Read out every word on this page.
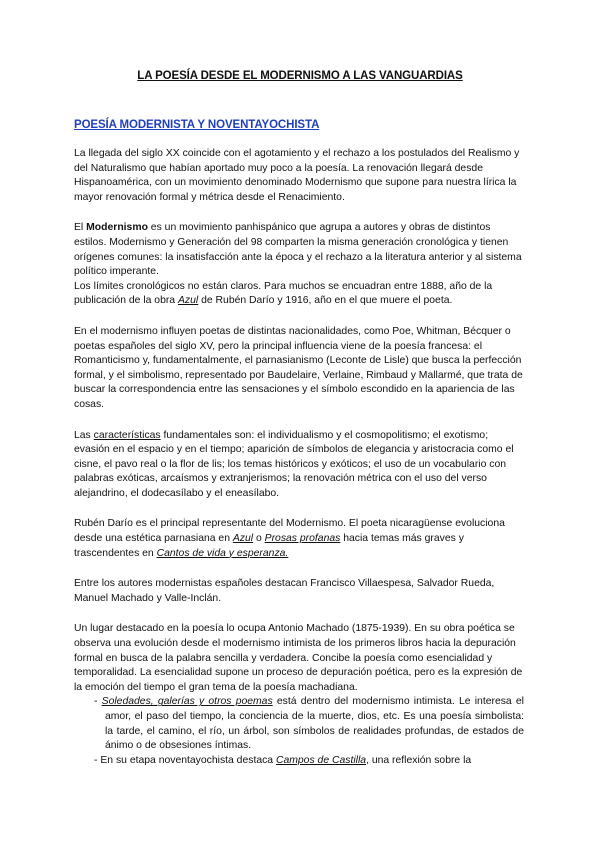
LA POESÍA DESDE EL MODERNISMO A LAS VANGUARDIAS
POESÍA MODERNISTA Y NOVENTAYOCHISTA

La llegada del siglo XX coincide con el agotamiento y el rechazo a los postulados del Realismo y del Naturalismo que habían aportado muy poco a la poesía. La renovación llegará desde Hispanoamérica, con un movimiento denominado Modernismo que supone para nuestra lírica la mayor renovación formal y métrica desde el Renacimiento.

El Modernismo es un movimiento panhispánico que agrupa a autores y obras de distintos estilos. Modernismo y Generación del 98 comparten la misma generación cronológica y tienen orígenes comunes: la insatisfacción ante la época y el rechazo a la literatura anterior y al sistema político imperante.
Los límites cronológicos no están claros. Para muchos se encuadran entre 1888, año de la publicación de la obra Azul de Rubén Darío y 1916, año en el que muere el poeta.

En el modernismo influyen poetas de distintas nacionalidades, como Poe, Whitman, Bécquer o poetas españoles del siglo XV, pero la principal influencia viene de la poesía francesa: el Romanticismo y, fundamentalmente, el parnasianismo (Leconte de Lisle) que busca la perfección formal, y el simbolismo, representado por Baudelaire, Verlaine, Rimbaud y Mallarmé, que trata de buscar la correspondencia entre las sensaciones y el símbolo escondido en la apariencia de las cosas.

Las características fundamentales son: el individualismo y el cosmopolitismo; el exotismo; evasión en el espacio y en el tiempo; aparición de símbolos de elegancia y aristocracia como el cisne, el pavo real o la flor de lis; los temas históricos y exóticos; el uso de un vocabulario con palabras exóticas, arcaísmos y extranjerismos; la renovación métrica con el uso del verso alejandrino, el dodecasílabo y el eneasílabo.

Rubén Darío es el principal representante del Modernismo. El poeta nicaragüense evoluciona desde una estética parnasiana en Azul o Prosas profanas hacia temas más graves y trascendentes en Cantos de vida y esperanza.

Entre los autores modernistas españoles destacan Francisco Villaespesa, Salvador Rueda, Manuel Machado y Valle-Inclán.

Un lugar destacado en la poesía lo ocupa Antonio Machado (1875-1939). En su obra poética se observa una evolución desde el modernismo intimista de los primeros libros hacia la depuración formal en busca de la palabra sencilla y verdadera. Concibe la poesía como esencialidad y temporalidad. La esencialidad supone un proceso de depuración poética, pero es la expresión de la emoción del tiempo el gran tema de la poesía machadiana.

- Soledades, galerías y otros poemas está dentro del modernismo intimista. Le interesa el amor, el paso del tiempo, la conciencia de la muerte, dios, etc. Es una poesía simbolista: la tarde, el camino, el río, un árbol, son símbolos de realidades profundas, de estados de ánimo o de obsesiones íntimas.
- En su etapa noventayochista destaca Campos de Castilla, una reflexión sobre la
